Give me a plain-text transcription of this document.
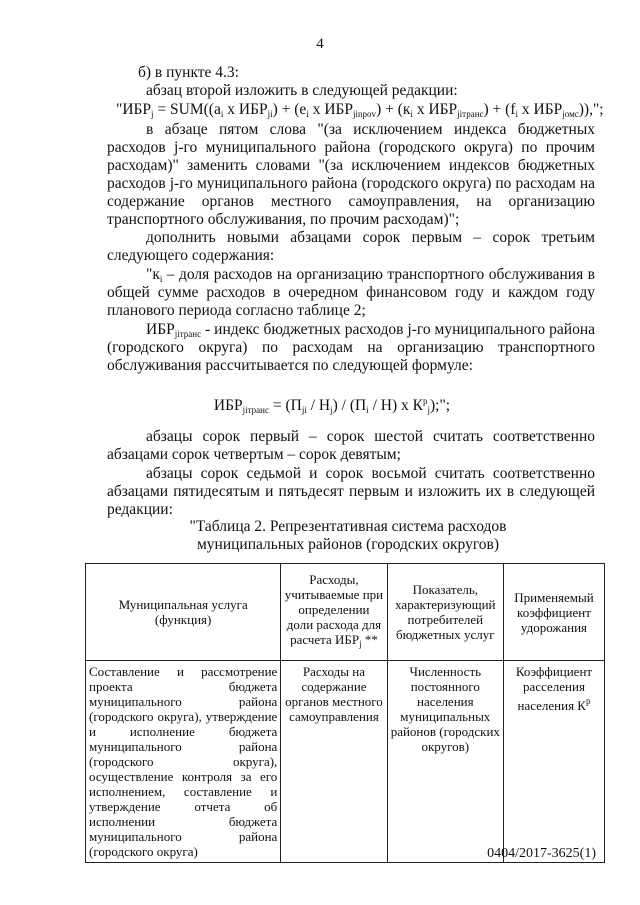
4
б) в пункте 4.3:
абзац второй изложить в следующей редакции:
"$ИБР_j = SUM((a_i$ х $ИБР_{ji}) + (e_i$ х $ИБР_{jinpov}) + (к_i$ х $ИБР_{jiтранс}) + (f_i$ х $ИБР_{jомс}$)),";
в абзаце пятом слова "(за исключением индекса бюджетных
расходов j-го муниципального района (городского округа) по прочим
расходам)" заменить словами "(за исключением индексов бюджетных
расходов j-го муниципального района (городского округа) по расходам на
содержание органов местного самоуправления, на организацию
транспортного обслуживания, по прочим расходам)";
дополнить новыми абзацами сорок первым – сорок третьим
следующего содержания:
"$к_i$ – доля расходов на организацию транспортного обслуживания в
общей сумме расходов в очередном финансовом году и каждом году
планового периода согласно таблице 2;
$ИБР_{jiтранс}$ - индекс бюджетных расходов j-го муниципального района
(городского округа) по расходам на организацию транспортного
обслуживания рассчитывается по следующей формуле:
$ИБР_{jiтранс} = (П_{ji} / Н_j) / (П_i / Н)$ х $К^р_j$);";
абзацы сорок первый – сорок шестой считать соответственно
абзацами сорок четвертым – сорок девятым;
абзацы сорок седьмой и сорок восьмой считать соответственно
абзацами пятидесятым и пятьдесят первым и изложить их в следующей
редакции:
"Таблица 2. Репрезентативная система расходов
муниципальных районов (городских округов)
Муниципальная услуга (функция)	Расходы, учитываемые при определении доли расхода для расчета $ИБР_j$ **	Показатель, характеризующий потребителей бюджетных услуг	Применяемый коэффициент удорожания
Составление и рассмотрение проекта бюджета муниципального района (городского округа), утверждение и исполнение бюджета муниципального района (городского округа), осуществление контроля за его исполнением, составление и утверждение отчета об исполнении бюджета муниципального района (городского округа)	Расходы на содержание органов местного самоуправления	Численность постоянного населения муниципальных районов (городских округов)	Коэффициент расселения населения $К^р$
0404/2017-3625(1)
